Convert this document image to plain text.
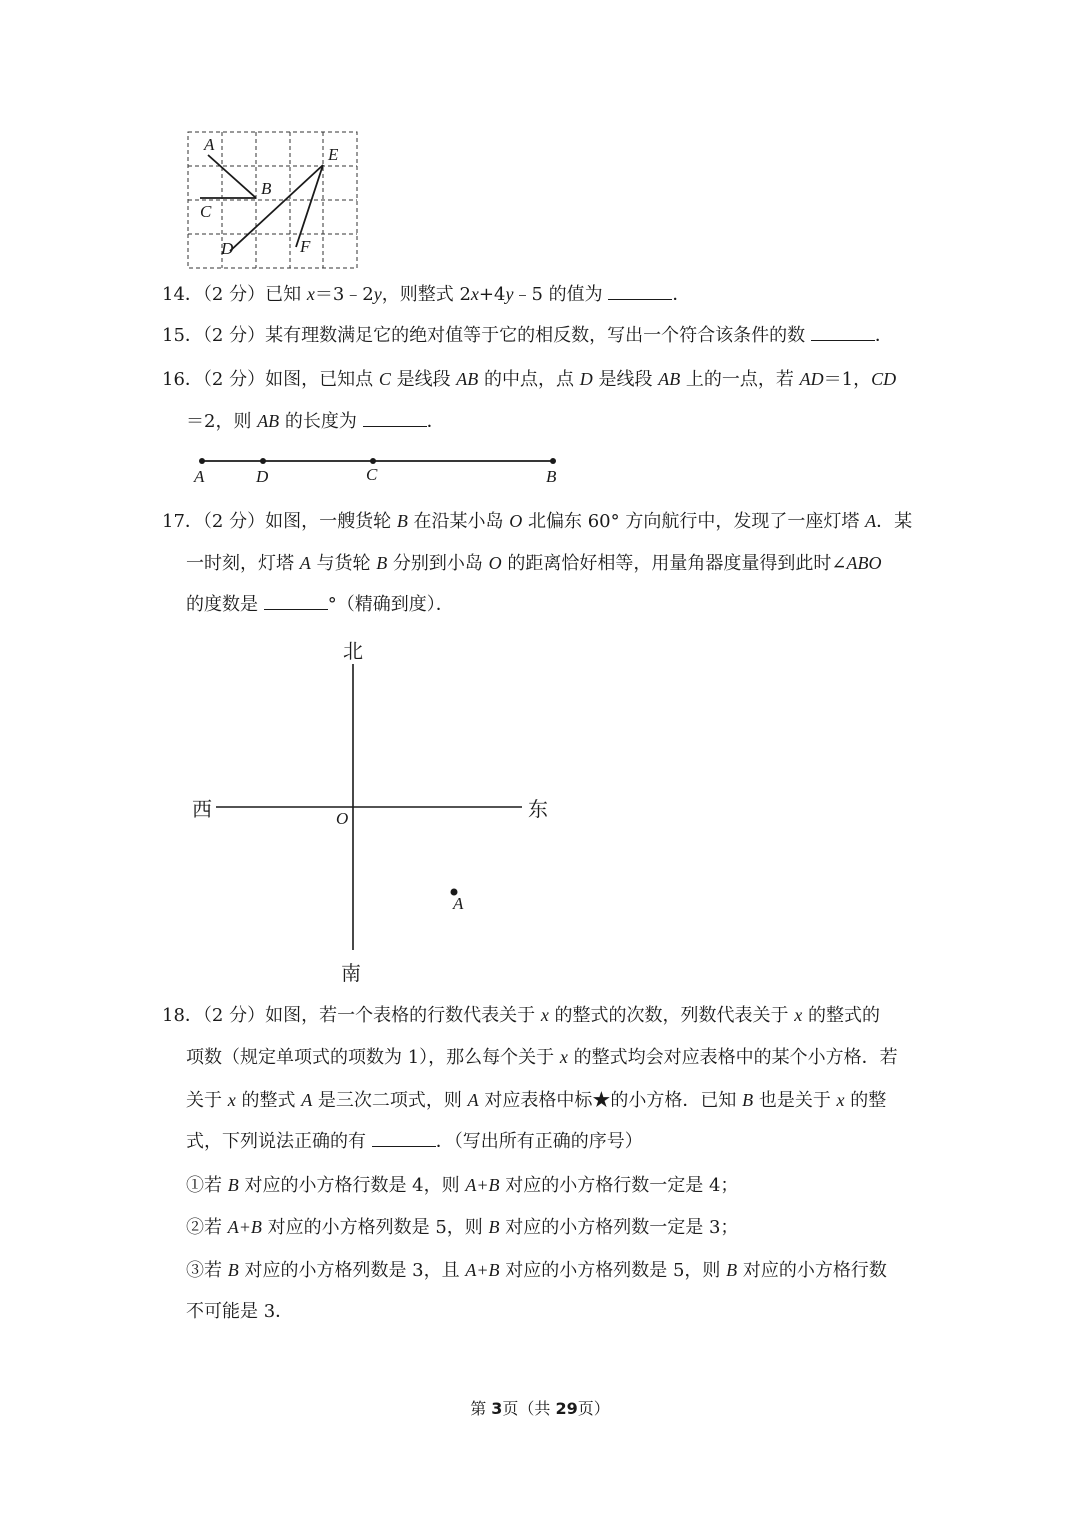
A
B
C
D
E
F
14．（2 分）已知 x＝3﹣2y，则整式 2x+4y﹣5 的值为	．
15．（2 分）某有理数满足它的绝对值等于它的相反数，写出一个符合该条件的数	．
16．（2 分）如图，已知点 C 是线段 AB 的中点，点 D 是线段 AB 上的一点，若 AD＝1，CD
＝2，则 AB 的长度为	．
A	D	C	B
17．（2 分）如图，一艘货轮 B 在沿某小岛 O 北偏东 60° 方向航行中，发现了一座灯塔 A．某
一时刻，灯塔 A 与货轮 B 分别到小岛 O 的距离恰好相等，用量角器度量得到此时∠ABO
的度数是	°（精确到度）．
北
南
西	东
O
A
18．（2 分）如图，若一个表格的行数代表关于 x 的整式的次数，列数代表关于 x 的整式的
项数（规定单项式的项数为 1），那么每个关于 x 的整式均会对应表格中的某个小方格．若
关于 x 的整式 A 是三次二项式，则 A 对应表格中标★的小方格．已知 B 也是关于 x 的整
式，下列说法正确的有	．（写出所有正确的序号）
①若 B 对应的小方格行数是 4，则 A+B 对应的小方格行数一定是 4；
②若 A+B 对应的小方格列数是 5，则 B 对应的小方格列数一定是 3；
③若 B 对应的小方格列数是 3，且 A+B 对应的小方格列数是 5，则 B 对应的小方格行数
不可能是 3．
第 3页（共 29页）
